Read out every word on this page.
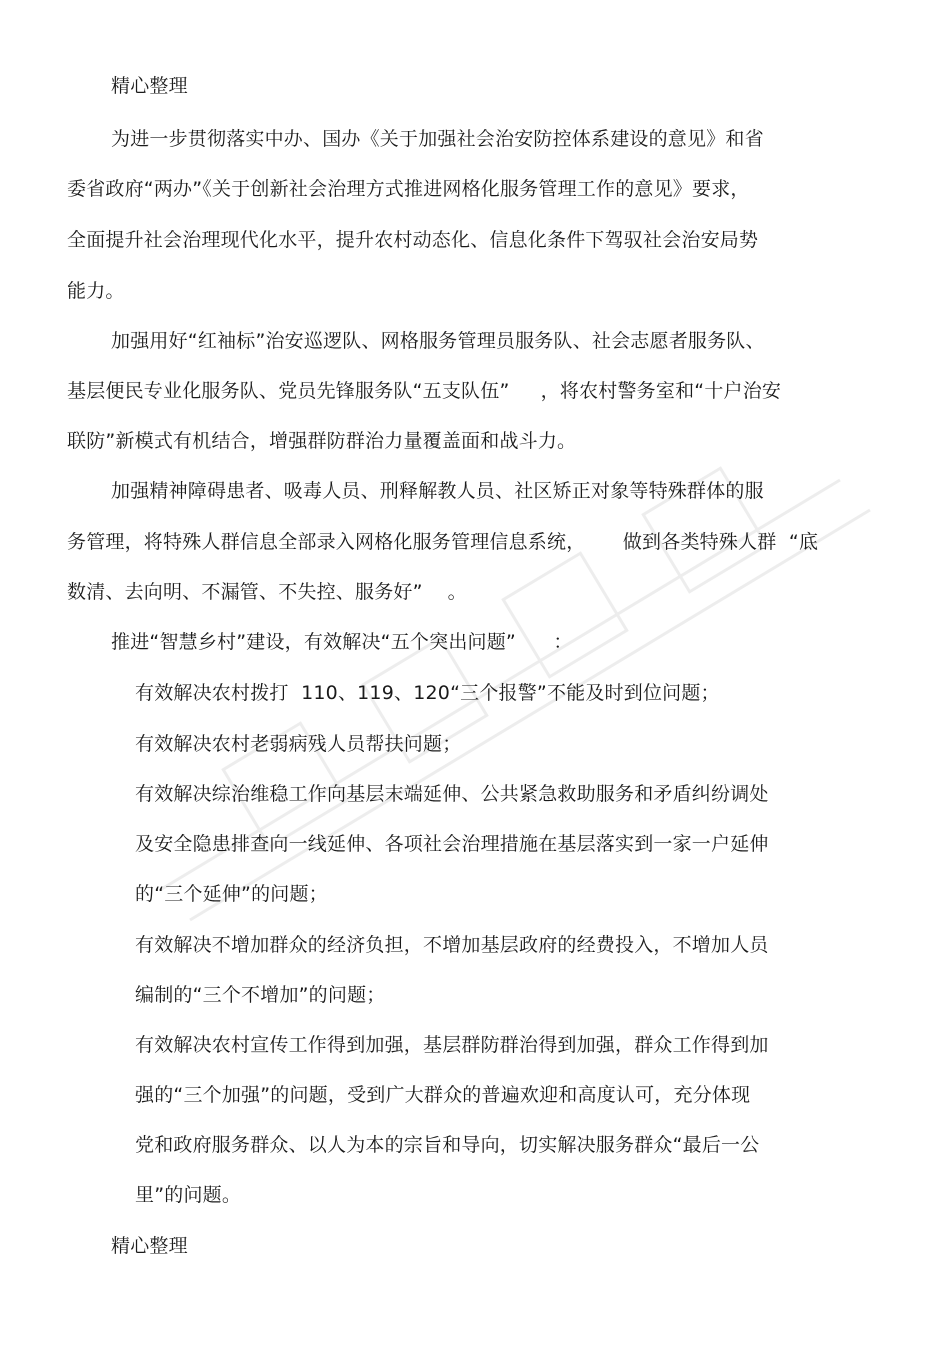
精心整理
为进一步贯彻落实中办、国办《关于加强社会治安防控体系建设的意见》和省
委省政府“两办”《关于创新社会治理方式推进网格化服务管理工作的意见》要求，
全面提升社会治理现代化水平，提升农村动态化、信息化条件下驾驭社会治安局势
能力。
加强用好“红袖标”治安巡逻队、网格服务管理员服务队、社会志愿者服务队、
基层便民专业化服务队、党员先锋服务队“五支队伍”     ，将农村警务室和“十户治安
联防”新模式有机结合，增强群防群治力量覆盖面和战斗力。
加强精神障碍患者、吸毒人员、刑释解教人员、社区矫正对象等特殊群体的服
务管理，将特殊人群信息全部录入网格化服务管理信息系统，      做到各类特殊人群  “底
数清、去向明、不漏管、不失控、服务好”    。
推进“智慧乡村”建设，有效解决“五个突出问题”      ：
有效解决农村拨打  110、119、120“三个报警”不能及时到位问题；
有效解决农村老弱病残人员帮扶问题；
有效解决综治维稳工作向基层末端延伸、公共紧急救助服务和矛盾纠纷调处
及安全隐患排查向一线延伸、各项社会治理措施在基层落实到一家一户延伸
的“三个延伸”的问题；
有效解决不增加群众的经济负担，不增加基层政府的经费投入，不增加人员
编制的“三个不增加”的问题；
有效解决农村宣传工作得到加强，基层群防群治得到加强，群众工作得到加
强的“三个加强”的问题，受到广大群众的普遍欢迎和高度认可，充分体现
党和政府服务群众、以人为本的宗旨和导向，切实解决服务群众“最后一公
里”的问题。
精心整理
